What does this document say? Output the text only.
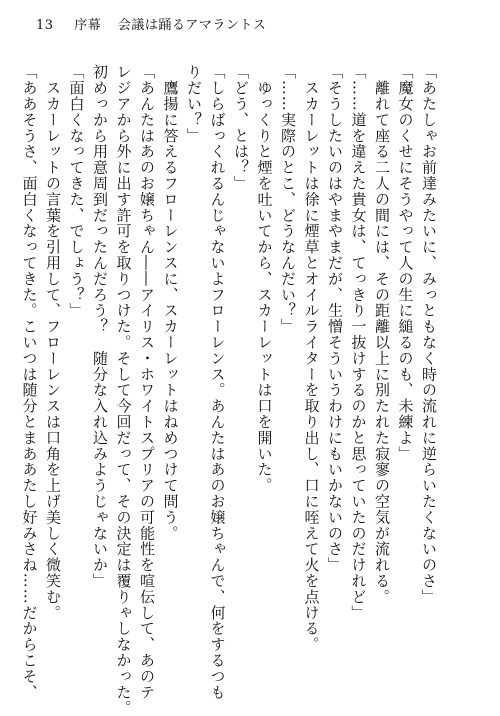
13 序幕 会議は踊るアマラントス
「あたしゃお前達みたいに、みっともなく時の流れに逆らいたくないのさ」
「魔女のくせにそうやって人の生に縋るのも、未練よ」
　離れて座る二人の間には、その距離以上に別たれた寂寥の空気が流れる。
「……道を違えた貴女は、てっきり一抜けするのかと思っていたのだけれど」
「そうしたいのはやまやまだが、生憎そういうわけにもいかないのさ」
　スカーレットは徐に煙草とオイルライターを取り出し、口に咥えて火を点ける。
「……実際のとこ、どうなんだい？」
　ゆっくりと煙を吐いてから、スカーレットは口を開いた。
「どう、とは？」
「しらばっくれるんじゃないよフローレンス。あんたはあのお嬢ちゃんで、何をするつも
りだい？」
　鷹揚に答えるフローレンスに、スカーレットはねめつけて問う。
「あんたはあのお嬢ちゃん――アイリス・ホワイトスプリアの可能性を喧伝して、あのテ
レジアから外に出す許可を取りつけた。そして今回だって、その決定は覆りゃしなかった。
初めっから用意周到だったんだろう？　随分な入れ込みようじゃないか」
「面白くなってきた、でしょう？」
　スカーレットの言葉を引用して、フローレンスは口角を上げ美しく微笑む。
「ああそうさ、面白くなってきた。こいつは随分とまああたし好みさね……だからこそ、
